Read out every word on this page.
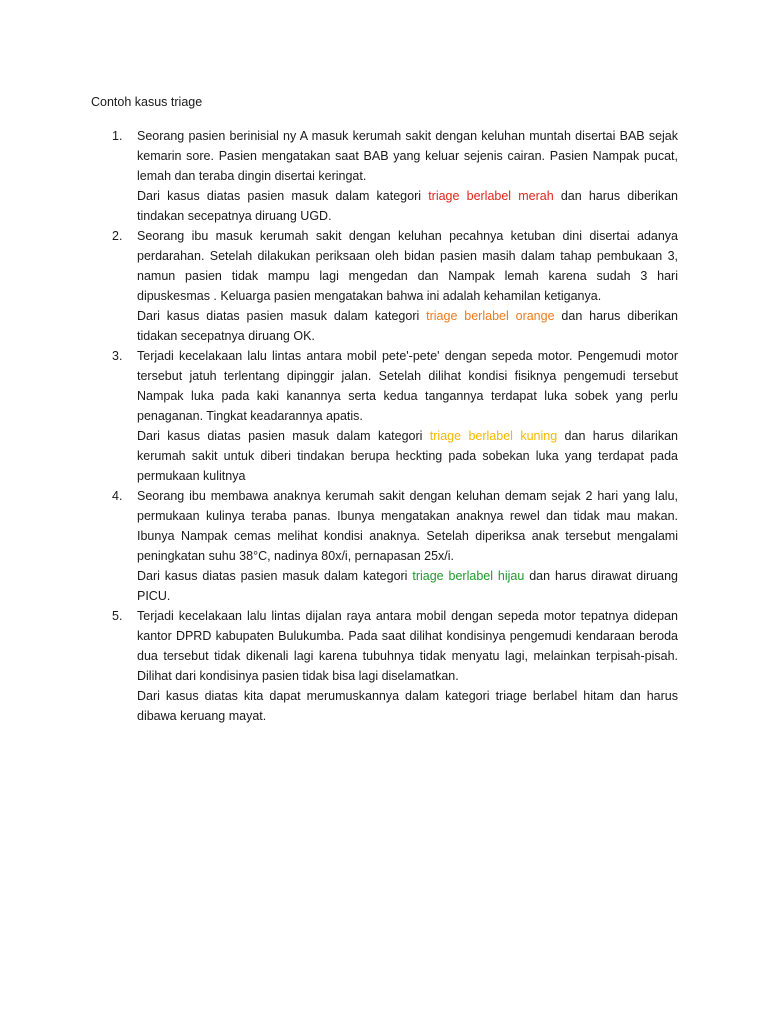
Contoh kasus triage
1. Seorang pasien berinisial ny A masuk kerumah sakit dengan keluhan muntah disertai BAB sejak kemarin sore. Pasien mengatakan saat BAB yang keluar sejenis cairan. Pasien Nampak pucat, lemah dan teraba dingin disertai keringat.

Dari kasus diatas pasien masuk dalam kategori triage berlabel merah dan harus diberikan tindakan secepatnya diruang UGD.

2. Seorang ibu masuk kerumah sakit dengan keluhan pecahnya ketuban dini disertai adanya perdarahan. Setelah dilakukan periksaan oleh bidan pasien masih dalam tahap pembukaan 3, namun pasien tidak mampu lagi mengedan dan Nampak lemah karena sudah 3 hari dipuskesmas . Keluarga pasien mengatakan bahwa ini adalah kehamilan ketiganya.

Dari kasus diatas pasien masuk dalam kategori triage berlabel orange dan harus diberikan tidakan secepatnya diruang OK.

3. Terjadi kecelakaan lalu lintas antara mobil pete'-pete' dengan sepeda motor. Pengemudi motor tersebut jatuh terlentang dipinggir jalan. Setelah dilihat kondisi fisiknya pengemudi tersebut Nampak luka pada kaki kanannya serta kedua tangannya terdapat luka sobek yang perlu penaganan. Tingkat keadarannya apatis.

Dari kasus diatas pasien masuk dalam kategori triage berlabel kuning dan harus dilarikan kerumah sakit untuk diberi tindakan berupa heckting pada sobekan luka yang terdapat pada permukaan kulitnya

4. Seorang ibu membawa anaknya kerumah sakit dengan keluhan demam sejak 2 hari yang lalu, permukaan kulinya teraba panas. Ibunya mengatakan anaknya rewel dan tidak mau makan. Ibunya Nampak cemas melihat kondisi anaknya. Setelah diperiksa anak tersebut mengalami peningkatan suhu 38°C, nadinya 80x/i, pernapasan 25x/i.

Dari kasus diatas pasien masuk dalam kategori triage berlabel hijau dan harus dirawat diruang PICU.

5. Terjadi kecelakaan lalu lintas dijalan raya antara mobil dengan sepeda motor tepatnya didepan kantor DPRD kabupaten Bulukumba. Pada saat dilihat kondisinya pengemudi kendaraan beroda dua tersebut tidak dikenali lagi karena tubuhnya tidak menyatu lagi, melainkan terpisah-pisah. Dilihat dari kondisinya pasien tidak bisa lagi diselamatkan.

Dari kasus diatas kita dapat merumuskannya dalam kategori triage berlabel hitam dan harus dibawa keruang mayat.
